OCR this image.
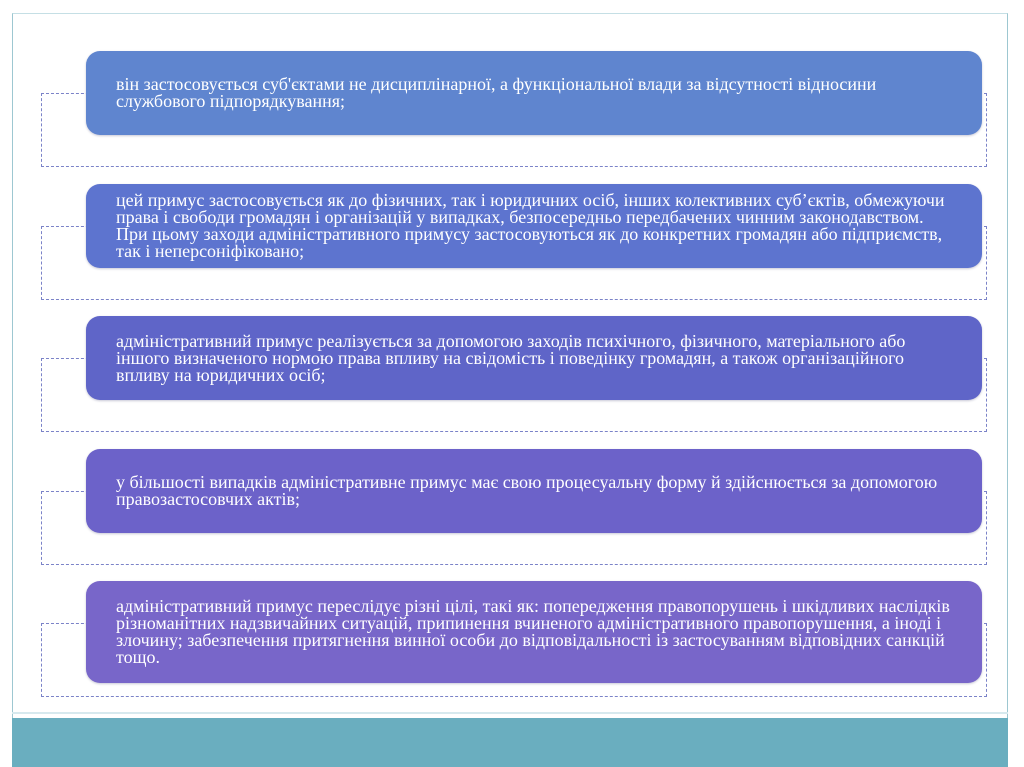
він застосовується суб'єктами не дисциплінарної, а функціональної влади за відсутності відносини службового підпорядкування;

цей примус застосовується як до фізичних, так і юридичних осіб, інших колективних суб’єктів, обмежуючи права і свободи громадян і організацій у випадках, безпосередньо передбачених чинним законодавством. При цьому заходи адміністративного примусу застосовуються як до конкретних громадян або підприємств, так і неперсоніфіковано;

адміністративний примус реалізується за допомогою заходів психічного, фізичного, матеріального або іншого визначеного нормою права впливу на свідомість і поведінку громадян, а також організаційного впливу на юридичних осіб;

у більшості випадків адміністративне примус має свою процесуальну форму й здійснюється за допомогою правозастосовчих актів;

адміністративний примус переслідує різні цілі, такі як: попередження правопорушень і шкідливих наслідків різноманітних надзвичайних ситуацій, припинення вчиненого адміністративного правопорушення, а іноді і злочину; забезпечення притягнення винної особи до відповідальності із застосуванням відповідних санкцій тощо.
